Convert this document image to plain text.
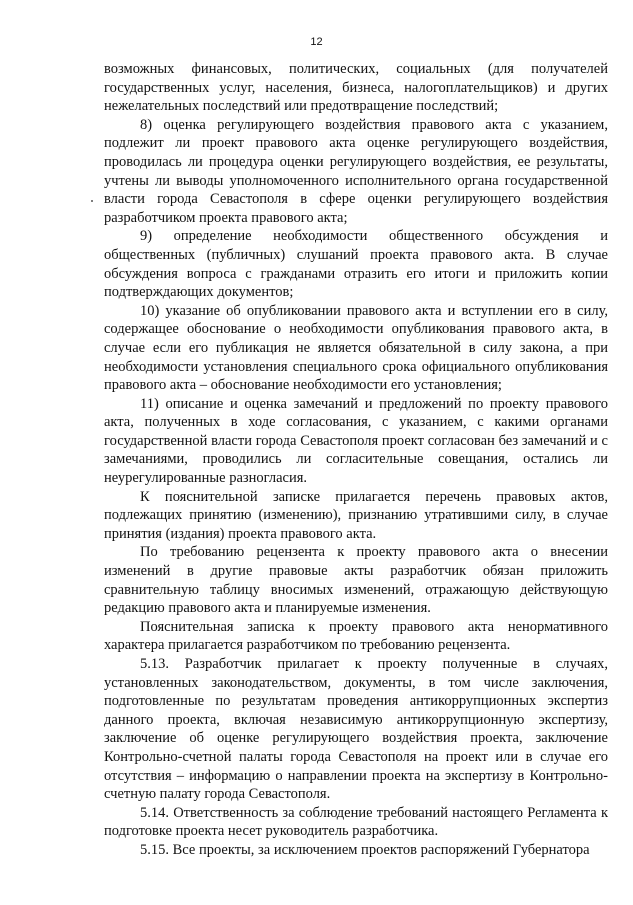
12

возможных финансовых, политических, социальных (для получателей государственных услуг, населения, бизнеса, налогоплательщиков) и других нежелательных последствий или предотвращение последствий;

8) оценка регулирующего воздействия правового акта с указанием, подлежит ли проект правового акта оценке регулирующего воздействия, проводилась ли процедура оценки регулирующего воздействия, ее результаты, учтены ли выводы уполномоченного исполнительного органа государственной власти города Севастополя в сфере оценки регулирующего воздействия разработчиком проекта правового акта;

9) определение необходимости общественного обсуждения и общественных (публичных) слушаний проекта правового акта. В случае обсуждения вопроса с гражданами отразить его итоги и приложить копии подтверждающих документов;

10) указание об опубликовании правового акта и вступлении его в силу, содержащее обоснование о необходимости опубликования правового акта, в случае если его публикация не является обязательной в силу закона, а при необходимости установления специального срока официального опубликования правового акта – обоснование необходимости его установления;

11) описание и оценка замечаний и предложений по проекту правового акта, полученных в ходе согласования, с указанием, с какими органами государственной власти города Севастополя проект согласован без замечаний и с замечаниями, проводились ли согласительные совещания, остались ли неурегулированные разногласия.

К пояснительной записке прилагается перечень правовых актов, подлежащих принятию (изменению), признанию утратившими силу, в случае принятия (издания) проекта правового акта.

По требованию рецензента к проекту правового акта о внесении изменений в другие правовые акты разработчик обязан приложить сравнительную таблицу вносимых изменений, отражающую действующую редакцию правового акта и планируемые изменения.

Пояснительная записка к проекту правового акта ненормативного характера прилагается разработчиком по требованию рецензента.

5.13. Разработчик прилагает к проекту полученные в случаях, установленных законодательством, документы, в том числе заключения, подготовленные по результатам проведения антикоррупционных экспертиз данного проекта, включая независимую антикоррупционную экспертизу, заключение об оценке регулирующего воздействия проекта, заключение Контрольно-счетной палаты города Севастополя на проект или в случае его отсутствия – информацию о направлении проекта на экспертизу в Контрольно-счетную палату города Севастополя.

5.14. Ответственность за соблюдение требований настоящего Регламента к подготовке проекта несет руководитель разработчика.

5.15. Все проекты, за исключением проектов распоряжений Губернатора
